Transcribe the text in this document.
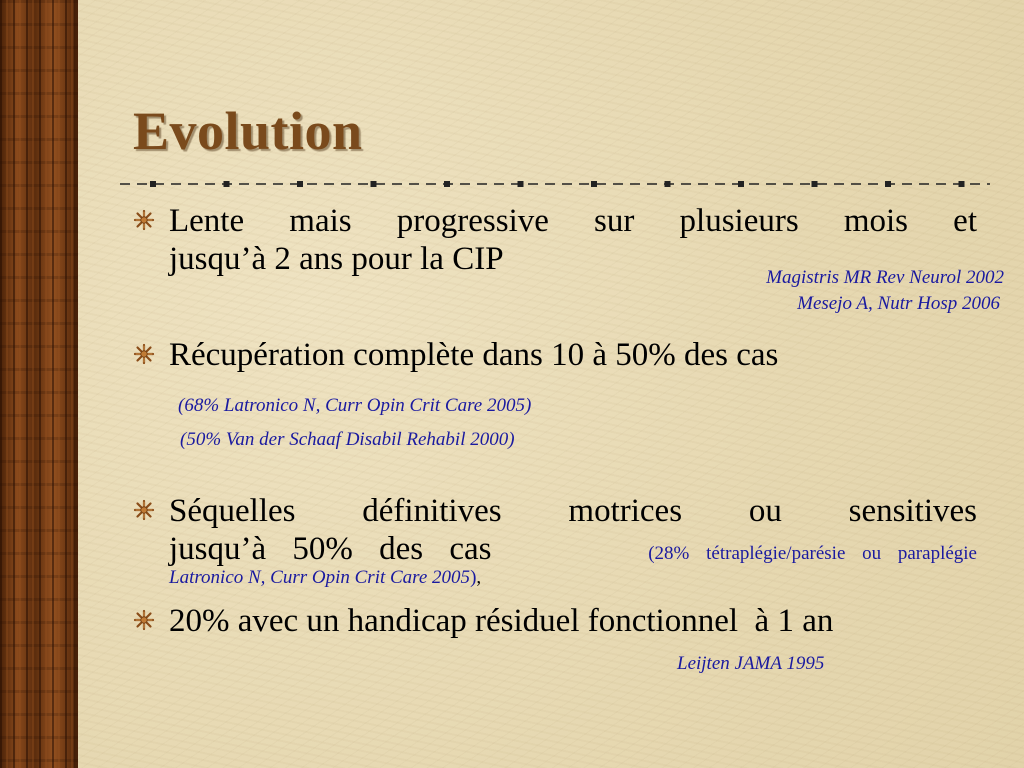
Evolution
Lente mais progressive sur plusieurs mois et
jusqu’à 2 ans pour la CIP
Magistris MR Rev Neurol 2002
Mesejo A, Nutr Hosp 2006
Récupération complète dans 10 à 50% des cas
(68% Latronico N, Curr Opin Crit Care 2005)
(50% Van der Schaaf Disabil Rehabil 2000)
Séquelles définitives motrices ou sensitives
jusqu’à 50% des cas	(28% tétraplégie/parésie ou paraplégie
Latronico N, Curr Opin Crit Care 2005),
20% avec un handicap résiduel fonctionnel  à 1 an
Leijten JAMA 1995
